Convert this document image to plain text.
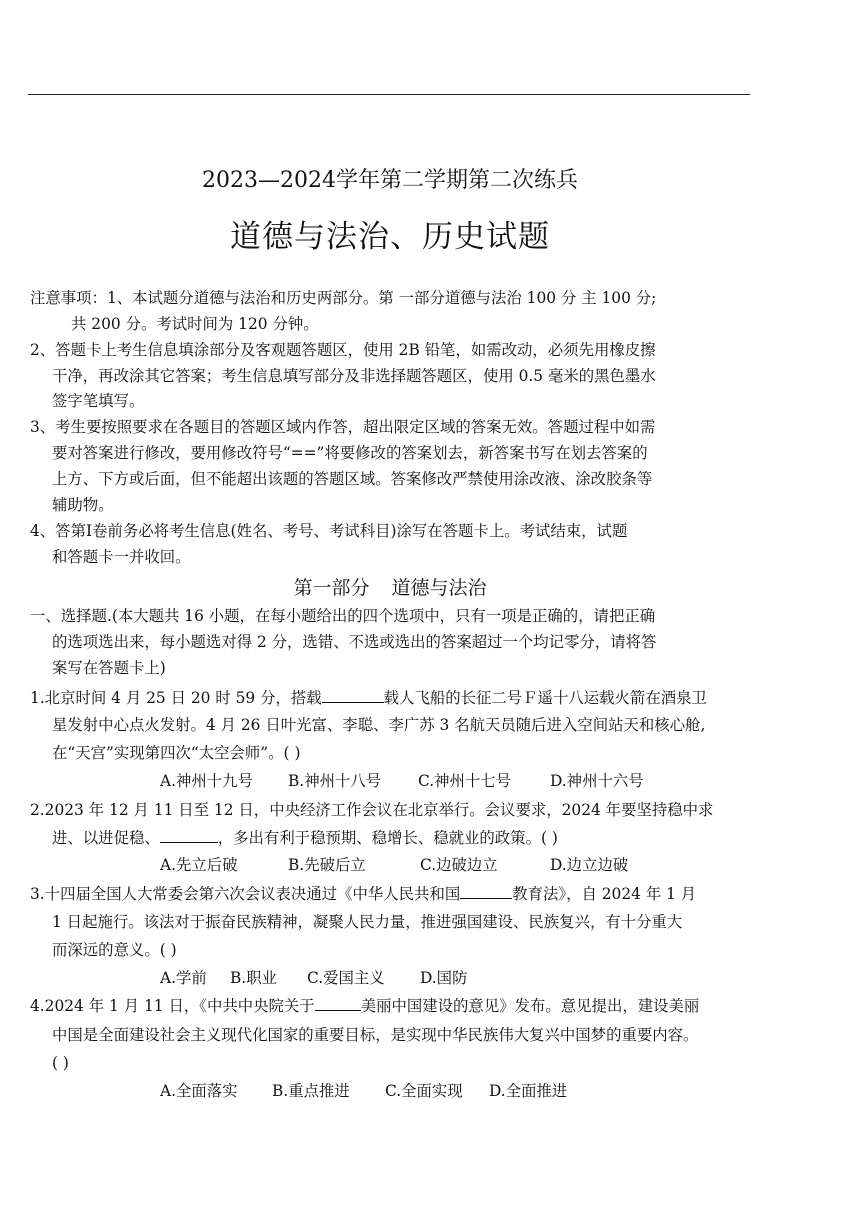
2023—2024学年第二学期第二次练兵
道德与法治、历史试题
注意事项：1、本试题分道德与法治和历史两部分。第 一部分道德与法治 100 分 主 100 分;
共 200 分。考试时间为 120 分钟。
2、答题卡上考生信息填涂部分及客观题答题区，使用 2B 铅笔，如需改动，必须先用橡皮擦
干净，再改涂其它答案；考生信息填写部分及非选择题答题区，使用 0.5 毫米的黑色墨水
签字笔填写。
3、考生要按照要求在各题目的答题区域内作答，超出限定区域的答案无效。答题过程中如需
要对答案进行修改，要用修改符号“==”将要修改的答案划去，新答案书写在划去答案的
上方、下方或后面，但不能超出该题的答题区域。答案修改严禁使用涂改液、涂改胶条等
辅助物。
4、答第Ⅰ卷前务必将考生信息(姓名、考号、考试科目)涂写在答题卡上。考试结束，试题
和答题卡一并收回。
第一部分 道德与法治
一、选择题.(本大题共 16 小题，在每小题给出的四个选项中，只有一项是正确的，请把正确
的选项选出来，每小题选对得 2 分，选错、不选或选出的答案超过一个均记零分，请将答
案写在答题卡上)
1.北京时间 4 月 25 日 20 时 59 分，搭载	载人飞船的长征二号Ｆ遥十八运载火箭在酒泉卫
星发射中心点火发射。4 月 26 日叶光富、李聪、李广苏 3 名航天员随后进入空间站天和核心舱,
在“天宫”实现第四次“太空会师”。( )
A.神州十九号 B.神州十八号 C.神州十七号	D.神州十六号
2.2023 年 12 月 11 日至 12 日，中央经济工作会议在北京举行。会议要求，2024 年要坚持稳中求
进、以进促稳、	，多出有利于稳预期、稳增长、稳就业的政策。( )
A.先立后破	B.先破后立	C.边破边立	D.边立边破
3.十四届全国人大常委会第六次会议表决通过《中华人民共和国	教育法》，自 2024 年 1 月
1 日起施行。该法对于振奋民族精神，凝聚人民力量，推进强国建设、民族复兴，有十分重大
而深远的意义。( )
A.学前 B.职业 C.爱国主义 D.国防
4.2024 年 1 月 11 日，《中共中央院关于	美丽中国建设的意见》发布。意见提出，建设美丽
中国是全面建设社会主义现代化国家的重要目标，是实现中华民族伟大复兴中国梦的重要内容。
( )
A.全面落实 B.重点推进 C.全面实现 D.全面推进
